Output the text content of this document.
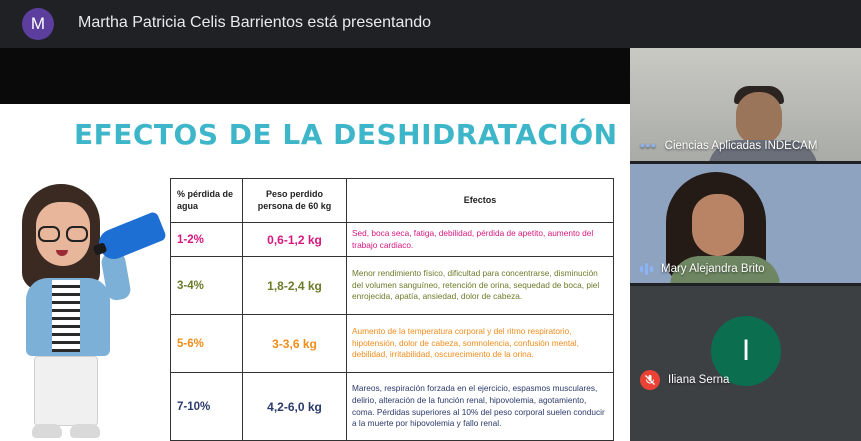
M	Martha Patricia Celis Barrientos está presentando
EFECTOS DE LA DESHIDRATACIÓN
% pérdida de agua	Peso perdido persona de 60 kg	Efectos
1-2%	0,6-1,2 kg	Sed, boca seca, fatiga, debilidad, pérdida de apetito, aumento del trabajo cardiaco.
3-4%	1,8-2,4 kg	Menor rendimiento físico, dificultad para concentrarse, disminución del volumen sanguíneo, retención de orina, sequedad de boca, piel enrojecida, apatía, ansiedad, dolor de cabeza.
5-6%	3-3,6 kg	Aumento de la temperatura corporal y del ritmo respiratorio, hipotensión, dolor de cabeza, somnolencia, confusión mental, debilidad, irritabilidad, oscurecimiento de la orina.
7-10%	4,2-6,0 kg	Mareos, respiración forzada en el ejercicio, espasmos musculares, delirio, alteración de la función renal, hipovolemia, agotamiento, coma. Pérdidas superiores al 10% del peso corporal suelen conducir a la muerte por hipovolemia y fallo renal.
••• Ciencias Aplicadas INDECAM
Mary Alejandra Brito
I
Iliana Serna
